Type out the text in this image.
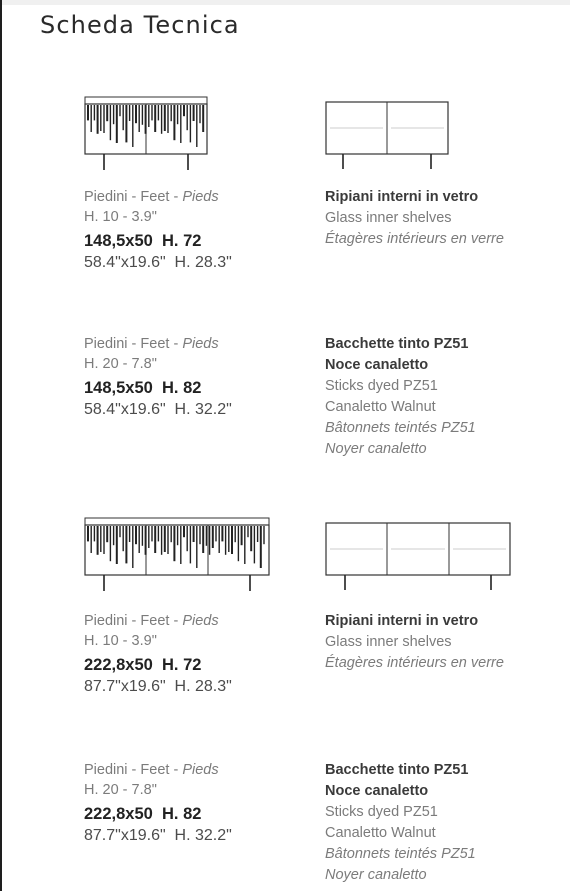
Scheda Tecnica
Piedini - Feet - Pieds
H. 10 - 3.9"
148,5x50  H. 72
58.4"x19.6"  H. 28.3"
Ripiani interni in vetro
Glass inner shelves
Étagères intérieurs en verre
Piedini - Feet - Pieds
H. 20 - 7.8"
148,5x50  H. 82
58.4"x19.6"  H. 32.2"
Bacchette tinto PZ51
Noce canaletto
Sticks dyed PZ51
Canaletto Walnut
Bâtonnets teintés PZ51
Noyer canaletto
Piedini - Feet - Pieds
H. 10 - 3.9"
222,8x50  H. 72
87.7"x19.6"  H. 28.3"
Ripiani interni in vetro
Glass inner shelves
Étagères intérieurs en verre
Piedini - Feet - Pieds
H. 20 - 7.8"
222,8x50  H. 82
87.7"x19.6"  H. 32.2"
Bacchette tinto PZ51
Noce canaletto
Sticks dyed PZ51
Canaletto Walnut
Bâtonnets teintés PZ51
Noyer canaletto
